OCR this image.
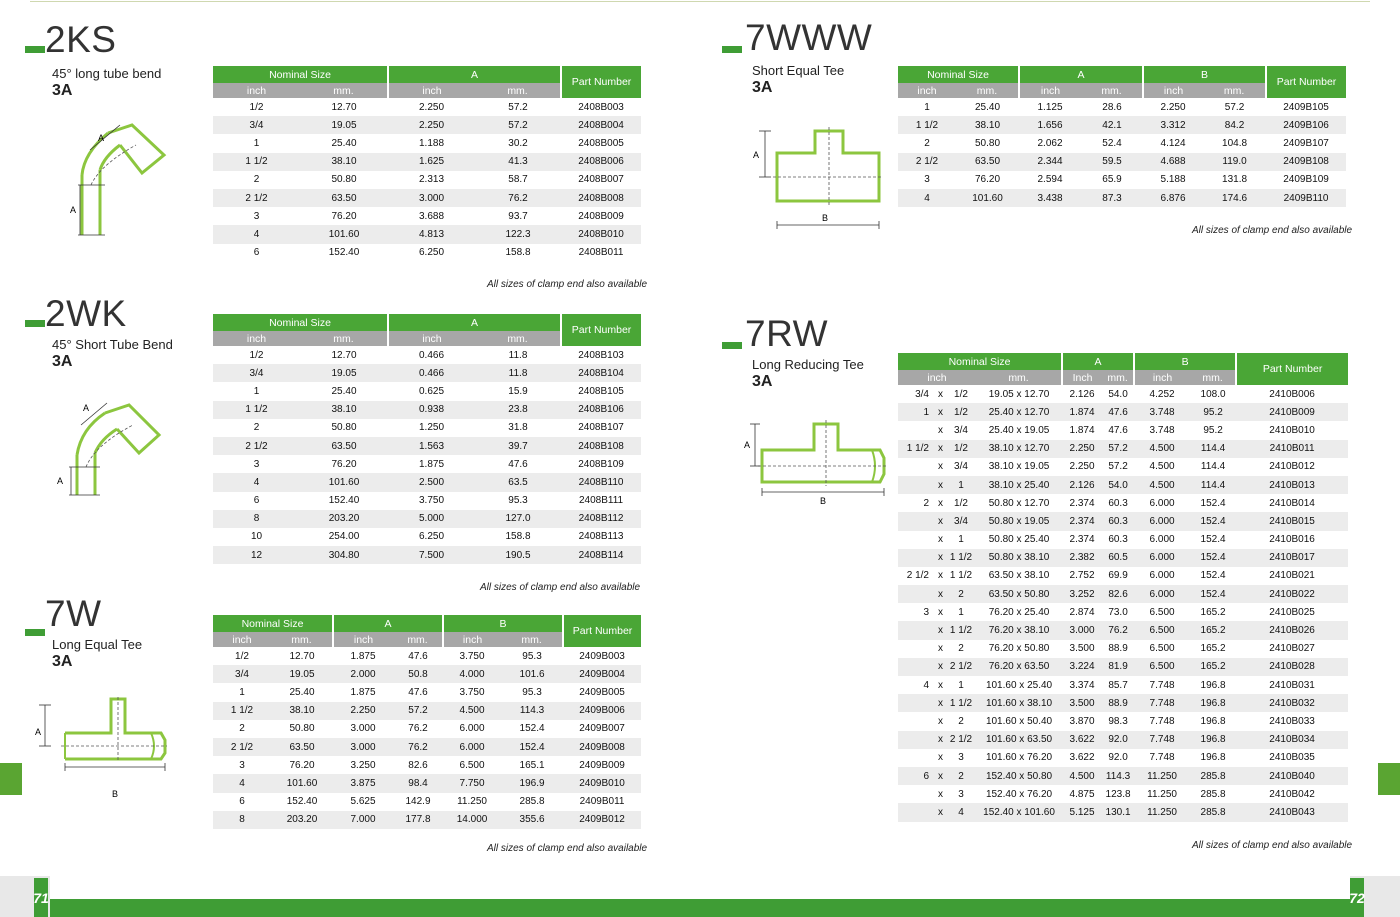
71	72
2KS
45° long tube bend
3A
A
A
Nominal Size		A		Part Number
inch	mm.	inch	mm.	
1/2	12.70	2.250	57.2	2408B003
3/4	19.05	2.250	57.2	2408B004
1	25.40	1.188	30.2	2408B005
1 1/2	38.10	1.625	41.3	2408B006
2	50.80	2.313	58.7	2408B007
2 1/2	63.50	3.000	76.2	2408B008
3	76.20	3.688	93.7	2408B009
4	101.60	4.813	122.3	2408B010
6	152.40	6.250	158.8	2408B011
All sizes of clamp end also available
2WK
45° Short Tube Bend
3A
A
A
Nominal Size		A		Part Number
inch	mm.	inch	mm.	
1/2	12.70	0.466	11.8	2408B103
3/4	19.05	0.466	11.8	2408B104
1	25.40	0.625	15.9	2408B105
1 1/2	38.10	0.938	23.8	2408B106
2	50.80	1.250	31.8	2408B107
2 1/2	63.50	1.563	39.7	2408B108
3	76.20	1.875	47.6	2408B109
4	101.60	2.500	63.5	2408B110
6	152.40	3.750	95.3	2408B111
8	203.20	5.000	127.0	2408B112
10	254.00	6.250	158.8	2408B113
12	304.80	7.500	190.5	2408B114
All sizes of clamp end also available
7W
Long Equal Tee
3A
A
B
Nominal Size		A		B		Part Number
inch	mm.	inch	mm.	inch	mm.	
1/2	12.70	1.875	47.6	3.750	95.3	2409B003
3/4	19.05	2.000	50.8	4.000	101.6	2409B004
1	25.40	1.875	47.6	3.750	95.3	2409B005
1 1/2	38.10	2.250	57.2	4.500	114.3	2409B006
2	50.80	3.000	76.2	6.000	152.4	2409B007
2 1/2	63.50	3.000	76.2	6.000	152.4	2409B008
3	76.20	3.250	82.6	6.500	165.1	2409B009
4	101.60	3.875	98.4	7.750	196.9	2409B010
6	152.40	5.625	142.9	11.250	285.8	2409B011
8	203.20	7.000	177.8	14.000	355.6	2409B012
All sizes of clamp end also available
7WWW
Short Equal Tee
3A
A
B
Nominal Size		A		B		Part Number
inch	mm.	inch	mm.	inch	mm.	
1	25.40	1.125	28.6	2.250	57.2	2409B105
1 1/2	38.10	1.656	42.1	3.312	84.2	2409B106
2	50.80	2.062	52.4	4.124	104.8	2409B107
2 1/2	63.50	2.344	59.5	4.688	119.0	2409B108
3	76.20	2.594	65.9	5.188	131.8	2409B109
4	101.60	3.438	87.3	6.876	174.6	2409B110
All sizes of clamp end also available
7RW
Long Reducing Tee
3A
A
B
Nominal Size				A		B		Part Number
inch			mm.	Inch	mm.	inch	mm.	
3/4	x	1/2	19.05 x 12.70	2.126	54.0	4.252	108.0	2410B006
1	x	1/2	25.40 x 12.70	1.874	47.6	3.748	95.2	2410B009
	x	3/4	25.40 x 19.05	1.874	47.6	3.748	95.2	2410B010
1 1/2	x	1/2	38.10 x 12.70	2.250	57.2	4.500	114.4	2410B011
	x	3/4	38.10 x 19.05	2.250	57.2	4.500	114.4	2410B012
	x	1	38.10 x 25.40	2.126	54.0	4.500	114.4	2410B013
2	x	1/2	50.80 x 12.70	2.374	60.3	6.000	152.4	2410B014
	x	3/4	50.80 x 19.05	2.374	60.3	6.000	152.4	2410B015
	x	1	50.80 x 25.40	2.374	60.3	6.000	152.4	2410B016
	x	1 1/2	50.80 x 38.10	2.382	60.5	6.000	152.4	2410B017
2 1/2	x	1 1/2	63.50 x 38.10	2.752	69.9	6.000	152.4	2410B021
	x	2	63.50 x 50.80	3.252	82.6	6.000	152.4	2410B022
3	x	1	76.20 x 25.40	2.874	73.0	6.500	165.2	2410B025
	x	1 1/2	76.20 x 38.10	3.000	76.2	6.500	165.2	2410B026
	x	2	76.20 x 50.80	3.500	88.9	6.500	165.2	2410B027
	x	2 1/2	76.20 x 63.50	3.224	81.9	6.500	165.2	2410B028
4	x	1	101.60 x 25.40	3.374	85.7	7.748	196.8	2410B031
	x	1 1/2	101.60 x 38.10	3.500	88.9	7.748	196.8	2410B032
	x	2	101.60 x 50.40	3.870	98.3	7.748	196.8	2410B033
	x	2 1/2	101.60 x 63.50	3.622	92.0	7.748	196.8	2410B034
	x	3	101.60 x 76.20	3.622	92.0	7.748	196.8	2410B035
6	x	2	152.40 x 50.80	4.500	114.3	11.250	285.8	2410B040
	x	3	152.40 x 76.20	4.875	123.8	11.250	285.8	2410B042
	x	4	152.40 x 101.60	5.125	130.1	11.250	285.8	2410B043
All sizes of clamp end also available
